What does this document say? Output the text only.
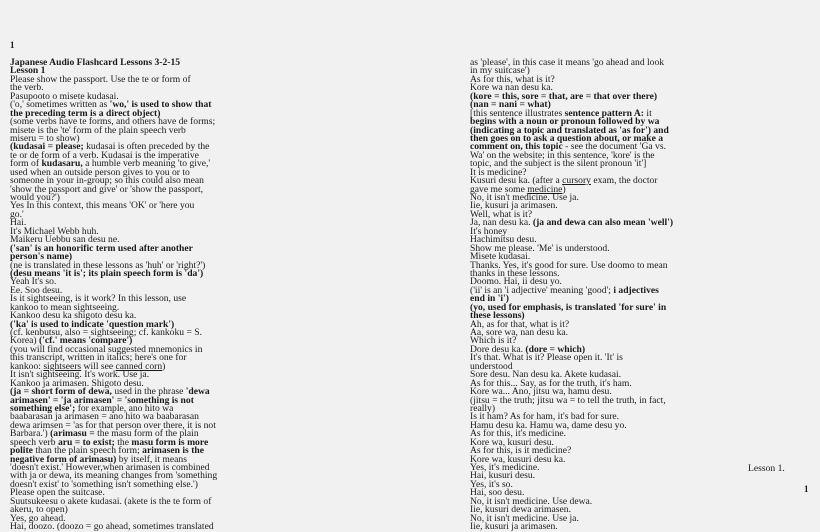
1
Japanese Audio Flashcard Lessons 3-2-15
Lesson 1
Please show the passport. Use the te or form of
the verb.
Pasupooto o misete kudasai.
('o,' sometimes written as 'wo,' is used to show that
the preceding term is a direct object)
(some verbs have te forms, and others have de forms;
misete is the 'te' form of the plain speech verb
miseru = to show)
(kudasai = please; kudasai is often preceded by the
te or de form of a verb. Kudasai is the imperative
form of kudasaru, a humble verb meaning 'to give,'
used when an outside person gives to you or to
someone in your in-group; so this could also mean
'show the passport and give' or 'show the passport,
would you?')
Yes In this context, this means 'OK' or 'here you
go.'
Hai.
It's Michael Webb huh.
Maikeru Uebbu san desu ne.
('san' is an honorific term used after another
person's name)
(ne is translated in these lessons as 'huh' or 'right?')
(desu means 'it is'; its plain speech form is 'da')
Yeah It's so.
Ee. Soo desu.
Is it sightseeing, is it work? In this lesson, use
kankoo to mean sightseeing.
Kankoo desu ka shigoto desu ka.
('ka' is used to indicate 'question mark')
(cf. kenbutsu, also = sightseeing; cf. kankoku = S.
Korea) ('cf.' means 'compare')
(you will find occasional suggested mnemonics in
this transcript, written in italics; here's one for
kankoo: sightseers will see canned corn)
It isn't sightseeing. It's work. Use ja.
Kankoo ja arimasen. Shigoto desu.
(ja = short form of dewa, used in the phrase 'dewa
arimasen' = 'ja arimasen' = 'something is not
something else'; for example, ano hito wa
baabarasan ja arimasen = ano hito wa baabarasan
dewa arimsen = 'as for that person over there, it is not
Barbara.') (arimasu = the masu form of the plain
speech verb aru = to exist; the masu form is more
polite than the plain speech form; arimasen is the
negative form of arimasu) by itself, it means
'doesn't exist.' However,when arimasen is combined
with ja or dewa, its meaning changes from 'something
doesn't exist' to 'something isn't something else.')
Please open the suitcase.
Suutsukeesu o akete kudasai. (akete is the te form of
akeru, to open)
Yes, go ahead.
Hai, doozo. (doozo = go ahead, sometimes translated
as 'please', in this case it means 'go ahead and look
in my suitcase')
As for this, what is it?
Kore wa nan desu ka.
(kore = this, sore = that, are = that over there)
(nan = nani = what)
[this sentence illustrates sentence pattern A: it
begins with a noun or pronoun followed by wa
(indicating a topic and translated as 'as for') and
then goes on to ask a question about, or make a
comment on, this topic - see the document 'Ga vs.
Wa' on the website; in this sentence, 'kore' is the
topic, and the subject is the silent pronoun 'it']
It is medicine?
Kusuri desu ka. (after a cursory exam, the doctor
gave me some medicine)
No, it isn't medicine. Use ja.
Iie, kusuri ja arimasen.
Well, what is it?
Ja, nan desu ka. (ja and dewa can also mean 'well')
It's honey
Hachimitsu desu.
Show me please. 'Me' is understood.
Misete kudasai.
Thanks. Yes, it's good for sure. Use doomo to mean
thanks in these lessons.
Doomo. Hai, ii desu yo.
('ii' is an 'i adjective' meaning 'good'; i adjectives
end in 'i')
(yo, used for emphasis, is translated 'for sure' in
these lessons)
Ah, as for that, what is it?
Aa, sore wa, nan desu ka.
Which is it?
Dore desu ka. (dore = which)
It's that. What is it? Please open it. 'It' is
understood
Sore desu. Nan desu ka. Akete kudasai.
As for this... Say, as for the truth, it's ham.
Kore wa... Ano, jitsu wa, hamu desu.
(jitsu = the truth; jitsu wa = to tell the truth, in fact,
really)
Is it ham? As for ham, it's bad for sure.
Hamu desu ka. Hamu wa, dame desu yo.
As for this, it's medicine.
Kore wa, kusuri desu.
As for this, is it medicine?
Kore wa, kusuri desu ka.
Yes, it's medicine.
Hai, kusuri desu.
Yes, it's so.
Hai, soo desu.
No, it isn't medicine. Use dewa.
Iie, kusuri dewa arimasen.
No, it isn't medicine. Use ja.
Iie, kusuri ja arimasen.
Lesson 1.
1
